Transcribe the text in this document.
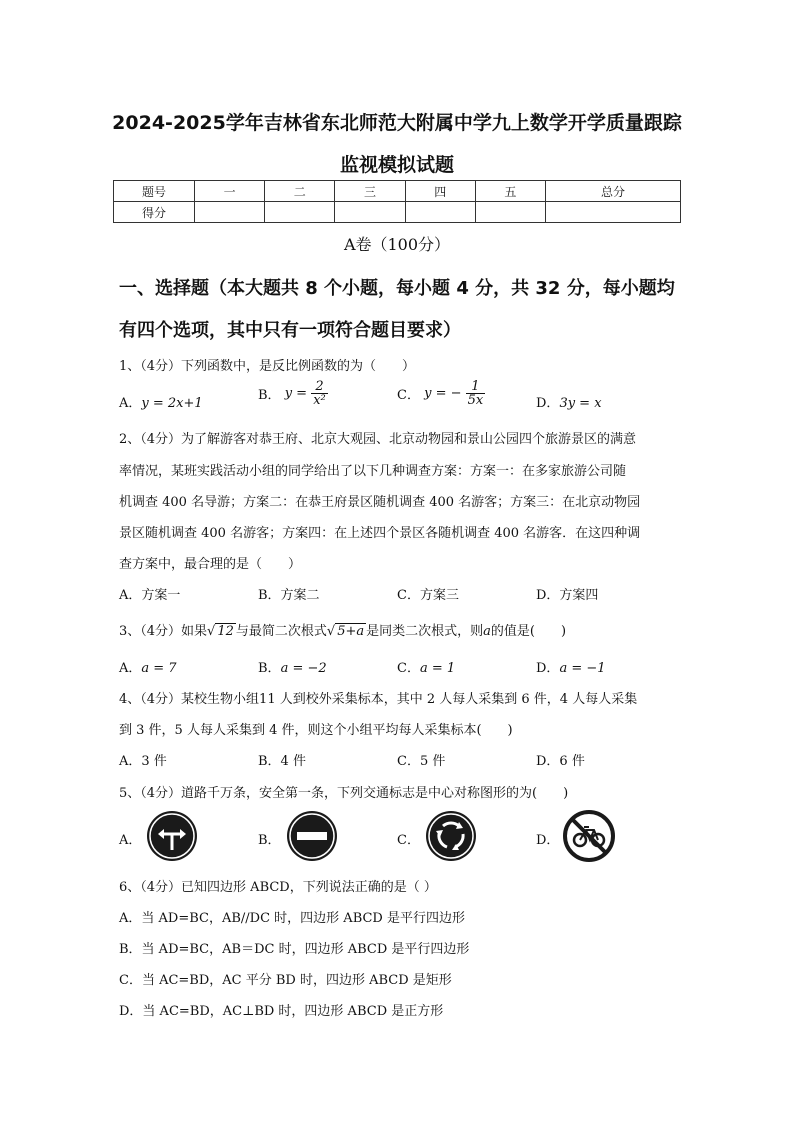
2024-2025学年吉林省东北师范大附属中学九上数学开学质量跟踪
监视模拟试题
题号	一	二	三	四	五	总分
得分						
A卷（100分）
一、选择题（本大题共 8 个小题，每小题 4 分，共 32 分，每小题均
有四个选项，其中只有一项符合题目要求）
1、（4分）下列函数中，是反比例函数的为（　　）
A．y = 2x+1
B． $y = \frac{2}{\text{x²}}$	C． y = − $\frac{1}{5x}$	D．3y = x
2、（4分）为了解游客对恭王府、北京大观园、北京动物园和景山公园四个旅游景区的满意
率情况，某班实践活动小组的同学给出了以下几种调查方案：方案一：在多家旅游公司随
机调查 400 名导游；方案二：在恭王府景区随机调查 400 名游客；方案三：在北京动物园
景区随机调查 400 名游客；方案四：在上述四个景区各随机调查 400 名游客．在这四种调
查方案中，最合理的是（　　）
A．方案一	B．方案二	C．方案三	D．方案四
3、（4分）如果√ 12 与最简二次根式√ 5+a 是同类二次根式，则a的值是(　　)
A．a = 7	B．a = −2	C．a = 1	D．a = −1
4、（4分）某校生物小组11 人到校外采集标本，其中 2 人每人采集到 6 件，4 人每人采集
到 3 件，5 人每人采集到 4 件，则这个小组平均每人采集标本(　　)
A．3 件	B．4 件	C．5 件	D．6 件
5、（4分）道路千万条，安全第一条，下列交通标志是中心对称图形的为(　　)
A．	B．	C．	D．
6、（4分）已知四边形 ABCD，下列说法正确的是（ ）
A．当 AD=BC，AB//DC 时，四边形 ABCD 是平行四边形
B．当 AD=BC，AB＝DC 时，四边形 ABCD 是平行四边形
C．当 AC=BD，AC 平分 BD 时，四边形 ABCD 是矩形
D．当 AC=BD，AC⊥BD 时，四边形 ABCD 是正方形
